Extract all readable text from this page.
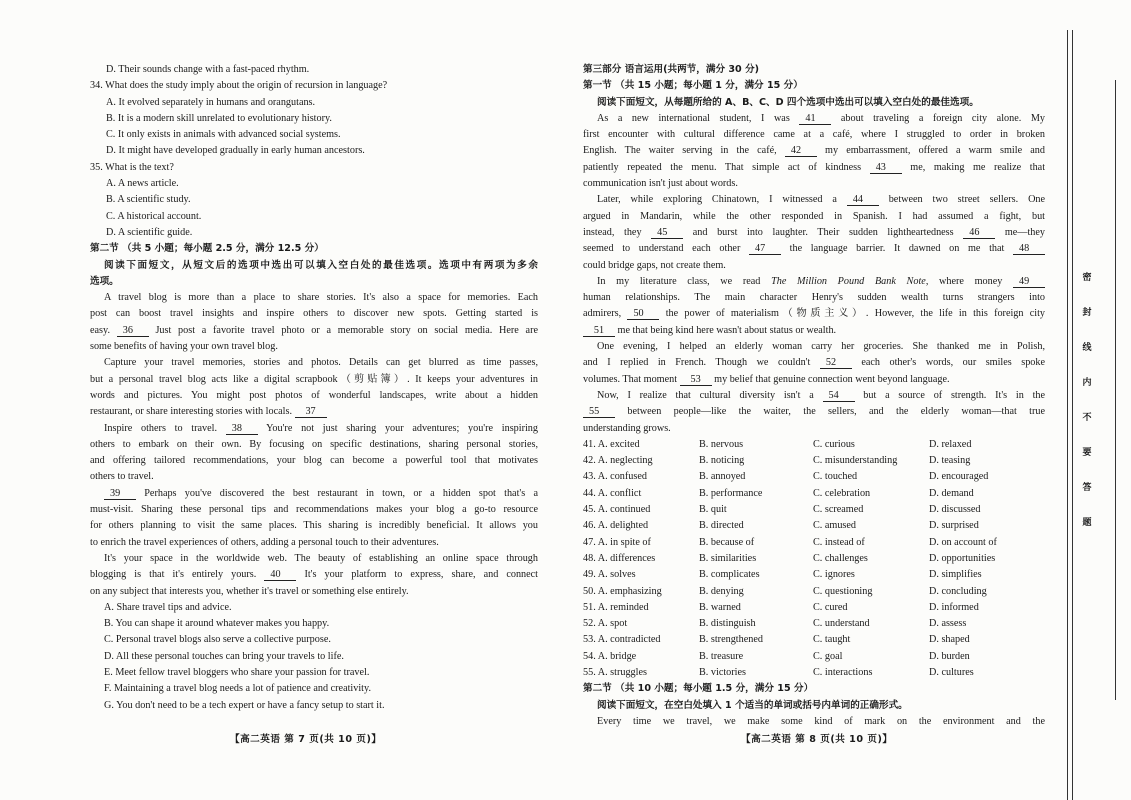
D. Their sounds change with a fast-paced rhythm.
34. What does the study imply about the origin of recursion in language?
A. It evolved separately in humans and orangutans.
B. It is a modern skill unrelated to evolutionary history.
C. It only exists in animals with advanced social systems.
D. It might have developed gradually in early human ancestors.
35. What is the text?
A. A news article.
B. A scientific study.
C. A historical account.
D. A scientific guide.
第二节 （共 5 小题；每小题 2.5 分，满分 12.5 分）
阅读下面短文，从短文后的选项中选出可以填入空白处的最佳选项。选项中有两项为多余
选项。
A travel blog is more than a place to share stories. It's also a space for memories. Each
post can boost travel insights and inspire others to discover new spots. Getting started is
easy. 36 Just post a favorite travel photo or a memorable story on social media. Here are
some benefits of having your own travel blog.
Capture your travel memories, stories and photos. Details can get blurred as time passes,
but a personal travel blog acts like a digital scrapbook（剪贴簿）. It keeps your adventures in
words and pictures. You might post photos of wonderful landscapes, write about a hidden
restaurant, or share interesting stories with locals. 37
Inspire others to travel. 38 You're not just sharing your adventures; you're inspiring
others to embark on their own. By focusing on specific destinations, sharing personal stories,
and offering tailored recommendations, your blog can become a powerful tool that motivates
others to travel.
39 Perhaps you've discovered the best restaurant in town, or a hidden spot that's a
must-visit. Sharing these personal tips and recommendations makes your blog a go-to resource
for others planning to visit the same places. This sharing is incredibly beneficial. It allows you
to enrich the travel experiences of others, adding a personal touch to their adventures.
It's your space in the worldwide web. The beauty of establishing an online space through
blogging is that it's entirely yours. 40 It's your platform to express, share, and connect
on any subject that interests you, whether it's travel or something else entirely.
A. Share travel tips and advice.
B. You can shape it around whatever makes you happy.
C. Personal travel blogs also serve a collective purpose.
D. All these personal touches can bring your travels to life.
E. Meet fellow travel bloggers who share your passion for travel.
F. Maintaining a travel blog needs a lot of patience and creativity.
G. You don't need to be a tech expert or have a fancy setup to start it.
【高二英语 第 7 页(共 10 页)】
第三部分 语言运用(共两节，满分 30 分)
第一节 （共 15 小题；每小题 1 分，满分 15 分）
阅读下面短文，从每题所给的 A、B、C、D 四个选项中选出可以填入空白处的最佳选项。
As a new international student, I was 41 about traveling a foreign city alone. My
first encounter with cultural difference came at a café, where I struggled to order in broken
English. The waiter serving in the café, 42 my embarrassment, offered a warm smile and
patiently repeated the menu. That simple act of kindness 43 me, making me realize that
communication isn't just about words.
Later, while exploring Chinatown, I witnessed a 44	between two street sellers. One
argued in Mandarin, while the other responded in Spanish. I had assumed a fight, but
instead, they 45 and burst into laughter. Their sudden lightheartedness 46 me—they
seemed to understand each other 47 the language barrier. It dawned on me that 48
could bridge gaps, not create them.
In my literature class, we read The Million Pound Bank Note, where money 49
human relationships. The main character Henry's sudden wealth turns strangers into
admirers, 50 the power of materialism（物质主义）. However, the life in this foreign city
51 me that being kind here wasn't about status or wealth.
One evening, I helped an elderly woman carry her groceries. She thanked me in Polish,
and I replied in French. Though we couldn't 52 each other's words, our smiles spoke
volumes. That moment 53 my belief that genuine connection went beyond language.
Now, I realize that cultural diversity isn't a 54 but a source of strength. It's in the
55	between people—like the waiter, the sellers, and the elderly woman—that true
understanding grows.
41. A. excited	B. nervous	C. curious	D. relaxed
42. A. neglecting	B. noticing	C. misunderstanding	D. teasing
43. A. confused	B. annoyed	C. touched	D. encouraged
44. A. conflict	B. performance	C. celebration	D. demand
45. A. continued	B. quit	C. screamed	D. discussed
46. A. delighted	B. directed	C. amused	D. surprised
47. A. in spite of	B. because of	C. instead of	D. on account of
48. A. differences	B. similarities	C. challenges	D. opportunities
49. A. solves	B. complicates	C. ignores	D. simplifies
50. A. emphasizing	B. denying	C. questioning	D. concluding
51. A. reminded	B. warned	C. cured	D. informed
52. A. spot	B. distinguish	C. understand	D. assess
53. A. contradicted	B. strengthened	C. taught	D. shaped
54. A. bridge	B. treasure	C. goal	D. burden
55. A. struggles	B. victories	C. interactions	D. cultures
第二节 （共 10 小题；每小题 1.5 分，满分 15 分）
阅读下面短文，在空白处填入 1 个适当的单词或括号内单词的正确形式。
Every time we travel, we make some kind of mark on the environment and the
【高二英语 第 8 页(共 10 页)】
密
封
线
内
不
要
答
题
